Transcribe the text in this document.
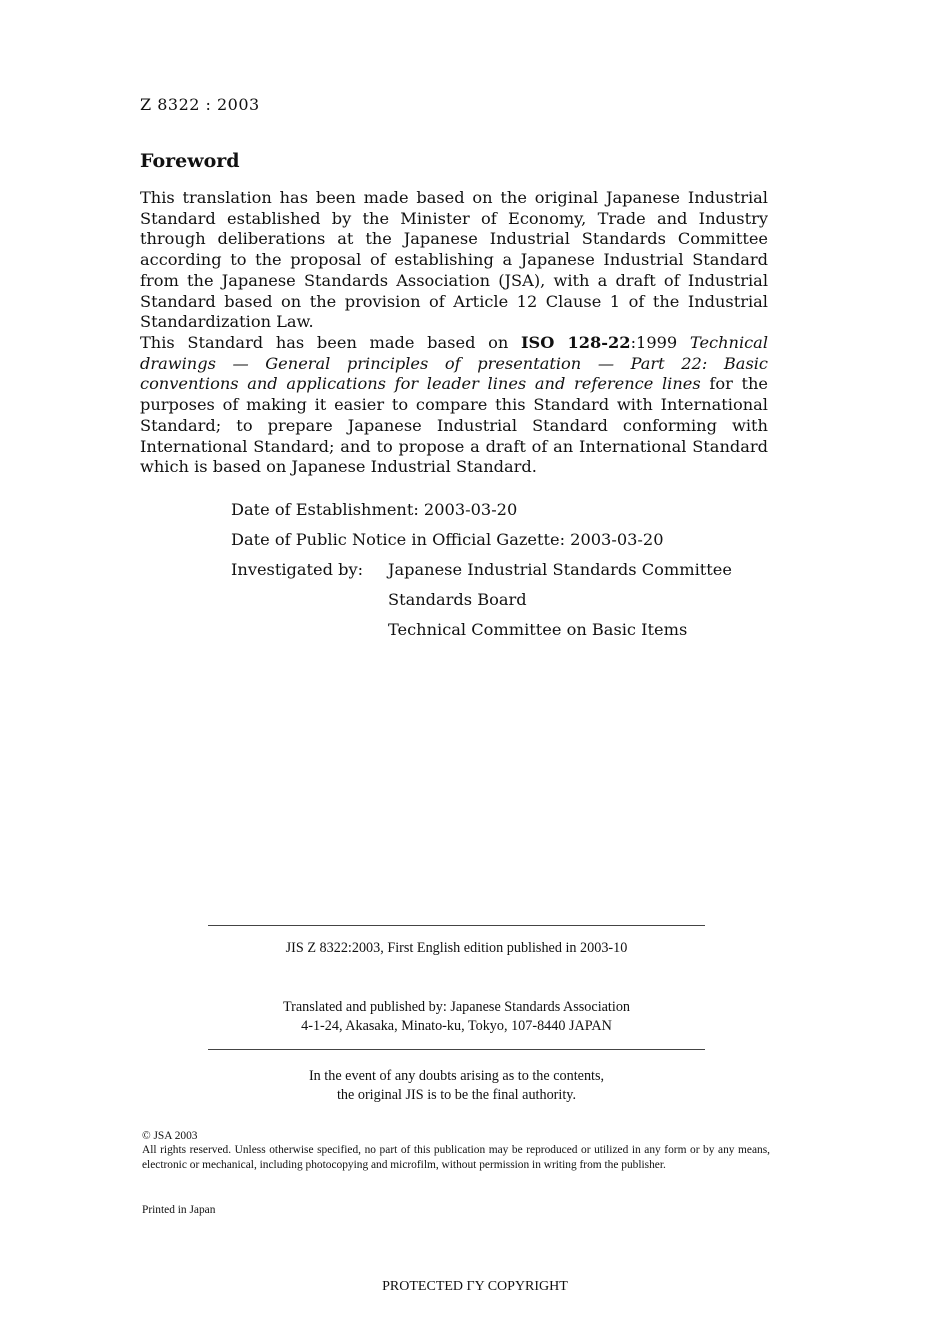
Z 8322 : 2003
Foreword
This translation has been made based on the original Japanese Industrial Standard established by the Minister of Economy, Trade and Industry through deliberations at the Japanese Industrial Standards Committee according to the proposal of establishing a Japanese Industrial Standard from the Japanese Standards Association (JSA), with a draft of Industrial Standard based on the provision of Article 12 Clause 1 of the Industrial Standardization Law.
This Standard has been made based on ISO 128-22:1999 Technical drawings — General principles of presentation — Part 22: Basic conventions and applications for leader lines and reference lines for the purposes of making it easier to compare this Standard with International Standard; to prepare Japanese Industrial Standard conforming with International Standard; and to propose a draft of an International Standard which is based on Japanese Industrial Standard.
Date of Establishment: 2003-03-20
Date of Public Notice in Official Gazette: 2003-03-20
Investigated by: Japanese Industrial Standards Committee
Standards Board
Technical Committee on Basic Items
JIS Z 8322:2003, First English edition published in 2003-10
Translated and published by: Japanese Standards Association
4-1-24, Akasaka, Minato-ku, Tokyo, 107-8440 JAPAN
In the event of any doubts arising as to the contents,
the original JIS is to be the final authority.
© JSA 2003
All rights reserved. Unless otherwise specified, no part of this publication may be reproduced or utilized in any form or by any means, electronic or mechanical, including photocopying and microfilm, without permission in writing from the publisher.
Printed in Japan
PROTECTED ΓY COPYRIGHT
